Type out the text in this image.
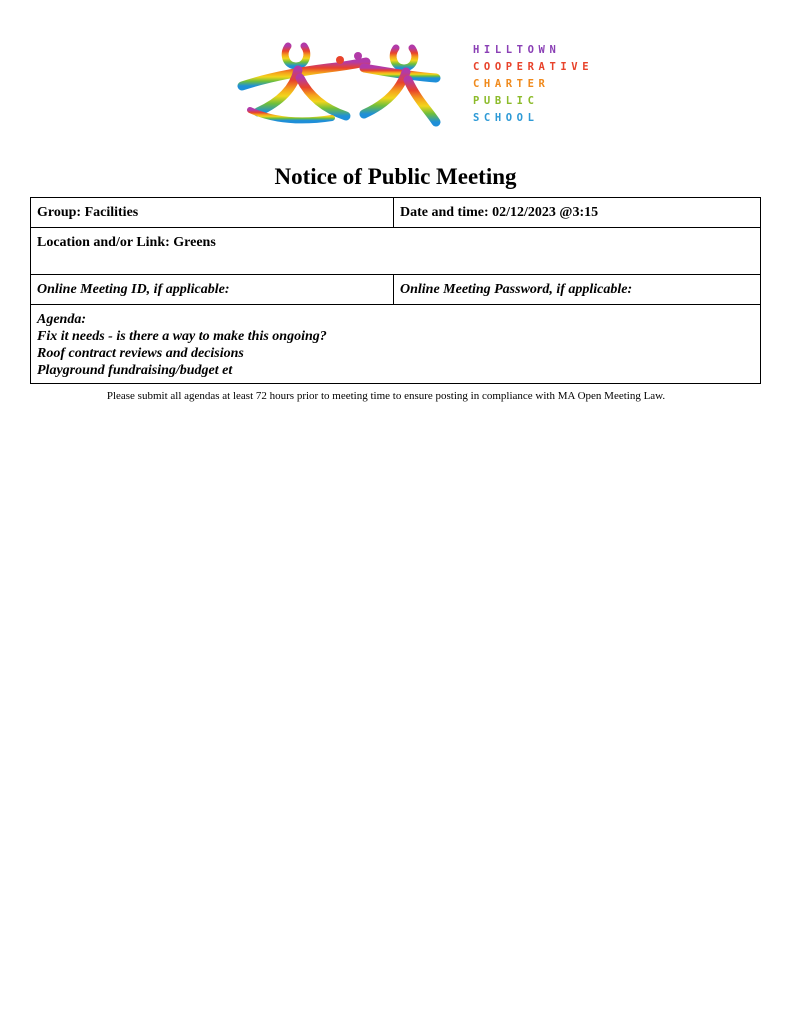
HILLTOWN
COOPERATIVE
CHARTER
PUBLIC
SCHOOL
Notice of Public Meeting
Group: Facilities	Date and time: 02/12/2023 @3:15
Location and/or Link: Greens	
Online Meeting ID, if applicable:	Online Meeting Password, if applicable:

Agenda:
Fix it needs - is there a way to make this ongoing?
Roof contract reviews and decisions
Playground fundraising/budget et	
Please submit all agendas at least 72 hours prior to meeting time to ensure posting in compliance with MA Open Meeting Law.
